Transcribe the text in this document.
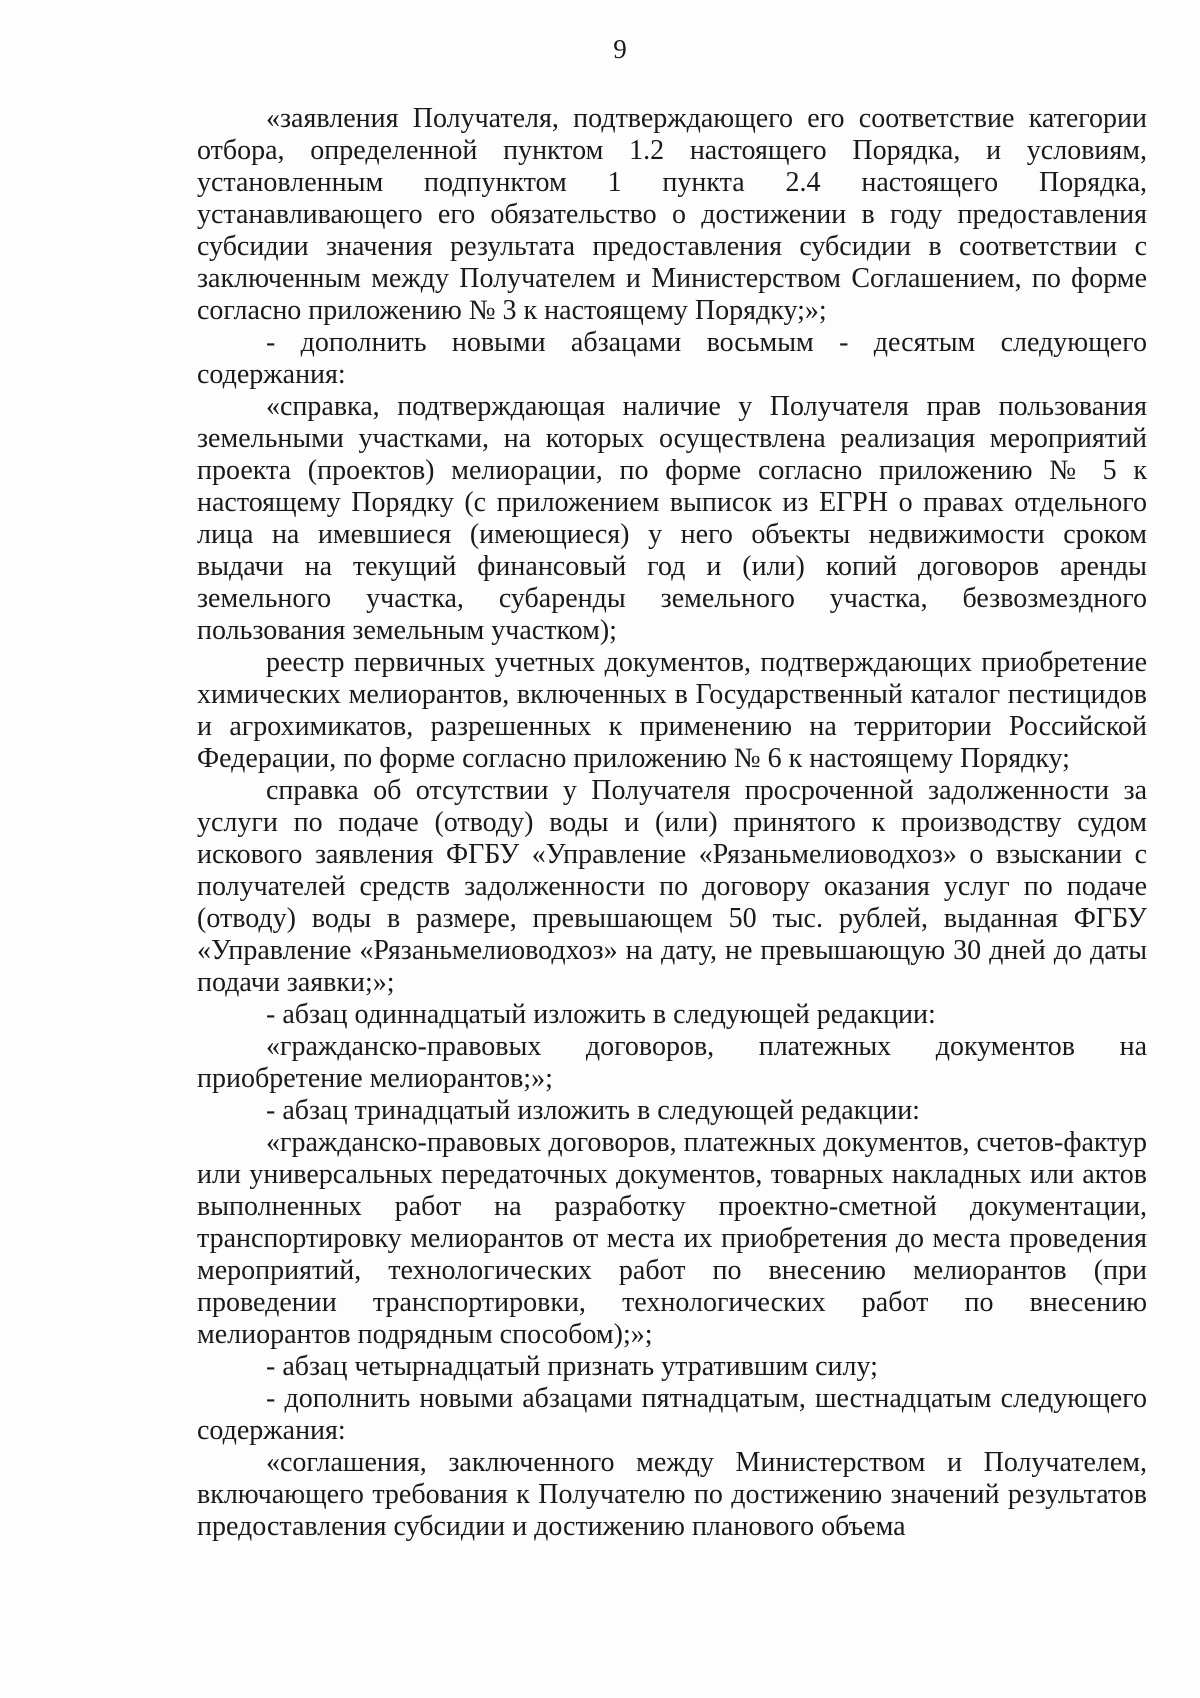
9

«заявления Получателя, подтверждающего его соответствие категории отбора, определенной пунктом 1.2 настоящего Порядка, и условиям, установленным подпунктом 1 пункта 2.4 настоящего Порядка, устанавливающего его обязательство о достижении в году предоставления субсидии значения результата предоставления субсидии в соответствии с заключенным между Получателем и Министерством Соглашением, по форме согласно приложению № 3 к настоящему Порядку;»;

- дополнить новыми абзацами восьмым - десятым следующего содержания:

«справка, подтверждающая наличие у Получателя прав пользования земельными участками, на которых осуществлена реализация мероприятий проекта (проектов) мелиорации, по форме согласно приложению № 5 к настоящему Порядку (с приложением выписок из ЕГРН о правах отдельного лица на имевшиеся (имеющиеся) у него объекты недвижимости сроком выдачи на текущий финансовый год и (или) копий договоров аренды земельного участка, субаренды земельного участка, безвозмездного пользования земельным участком);

реестр первичных учетных документов, подтверждающих приобретение химических мелиорантов, включенных в Государственный каталог пестицидов и агрохимикатов, разрешенных к применению на территории Российской Федерации, по форме согласно приложению № 6 к настоящему Порядку;

справка об отсутствии у Получателя просроченной задолженности за услуги по подаче (отводу) воды и (или) принятого к производству судом искового заявления ФГБУ «Управление «Рязаньмелиоводхоз» о взыскании с получателей средств задолженности по договору оказания услуг по подаче (отводу) воды в размере, превышающем 50 тыс. рублей, выданная ФГБУ «Управление «Рязаньмелиоводхоз» на дату, не превышающую 30 дней до даты подачи заявки;»;

- абзац одиннадцатый изложить в следующей редакции:

«гражданско-правовых договоров, платежных документов на приобретение мелиорантов;»;

- абзац тринадцатый изложить в следующей редакции:

«гражданско-правовых договоров, платежных документов, счетов-фактур или универсальных передаточных документов, товарных накладных или актов выполненных работ на разработку проектно-сметной документации, транспортировку мелиорантов от места их приобретения до места проведения мероприятий, технологических работ по внесению мелиорантов (при проведении транспортировки, технологических работ по внесению мелиорантов подрядным способом);»;

- абзац четырнадцатый признать утратившим силу;

- дополнить новыми абзацами пятнадцатым, шестнадцатым следующего содержания:

«соглашения, заключенного между Министерством и Получателем, включающего требования к Получателю по достижению значений результатов предоставления субсидии и достижению планового объема
